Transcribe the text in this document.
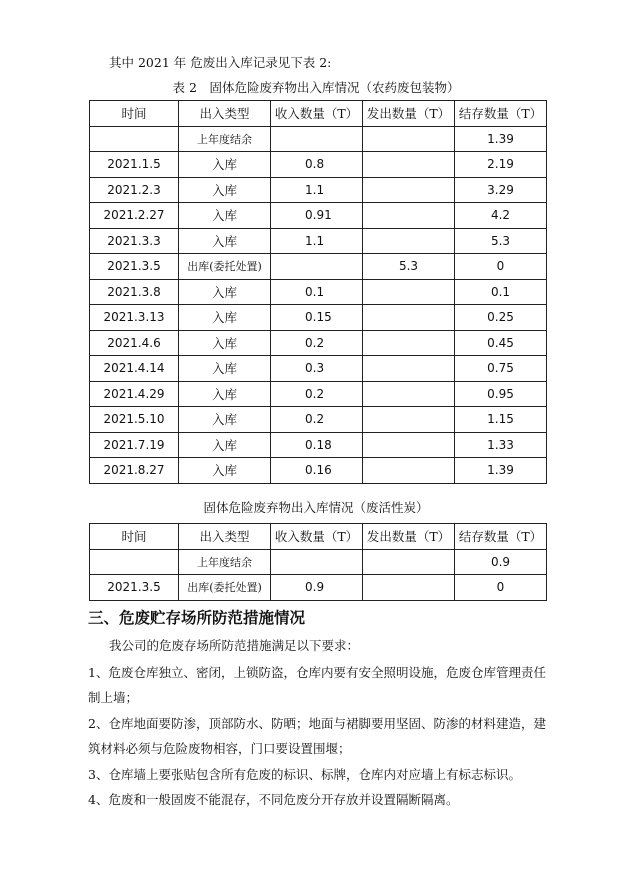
其中 2021 年 危废出入库记录见下表 2:
表 2　固体危险废弃物出入库情况（农药废包装物）
时间	出入类型	收入数量（T）	发出数量（T）	结存数量（T）
	上年度结余			1.39
2021.1.5	入库	0.8		2.19
2021.2.3	入库	1.1		3.29
2021.2.27	入库	0.91		4.2
2021.3.3	入库	1.1		5.3
2021.3.5	出库(委托处置)		5.3	0
2021.3.8	入库	0.1		0.1
2021.3.13	入库	0.15		0.25
2021.4.6	入库	0.2		0.45
2021.4.14	入库	0.3		0.75
2021.4.29	入库	0.2		0.95
2021.5.10	入库	0.2		1.15
2021.7.19	入库	0.18		1.33
2021.8.27	入库	0.16		1.39
固体危险废弃物出入库情况（废活性炭）
时间	出入类型	收入数量（T）	发出数量（T）	结存数量（T）
	上年度结余			0.9
2021.3.5	出库(委托处置)	0.9		0
三、危废贮存场所防范措施情况
我公司的危废存场所防范措施满足以下要求：
1、危废仓库独立、密闭，上锁防盗，仓库内要有安全照明设施，危废仓库管理责任制上墙；
2、仓库地面要防渗，顶部防水、防晒；地面与裙脚要用坚固、防渗的材料建造，建筑材料必须与危险废物相容，门口要设置围堰；
3、仓库墙上要张贴包含所有危废的标识、标牌，仓库内对应墙上有标志标识。
4、危废和一般固废不能混存，不同危废分开存放并设置隔断隔离。
